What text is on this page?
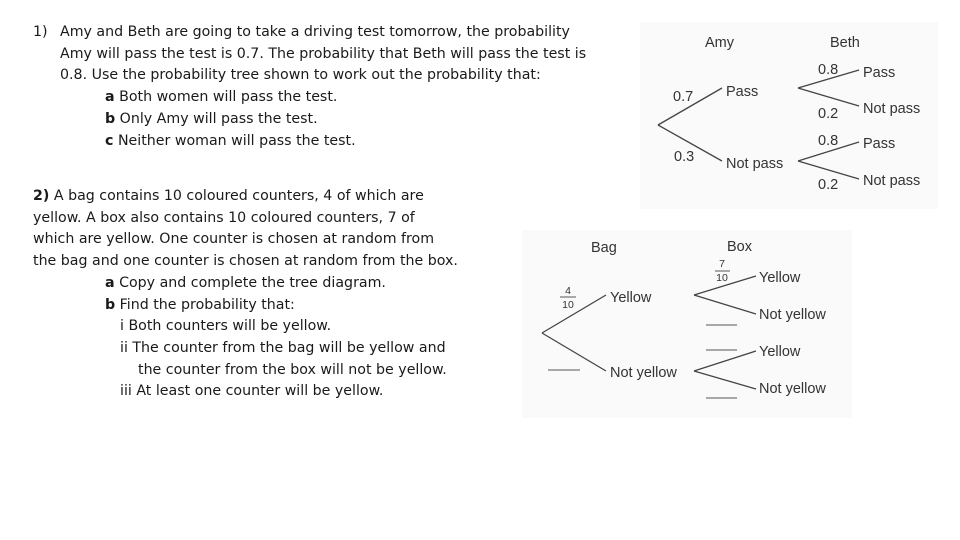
1) Amy and Beth are going to take a driving test tomorrow, the probability

Amy will pass the test is 0.7. The probability that Beth will pass the test is

0.8. Use the probability tree shown to work out the probability that:

a Both women will pass the test.

b Only Amy will pass the test.

c Neither woman will pass the test.

2) A bag contains 10 coloured counters, 4 of which are

yellow. A box also contains 10 coloured counters, 7 of

which are yellow. One counter is chosen at random from

the bag and one counter is chosen at random from the box.

a Copy and complete the tree diagram.

b Find the probability that:

i Both counters will be yellow.

ii The counter from the bag will be yellow and

the counter from the box will not be yellow.

iii At least one counter will be yellow.

Amy	Beth
0.7 Pass
0.3 Not pass
0.8 Pass
0.2 Not pass
0.8 Pass
0.2 Not pass
Bag	Box
Yellow
Not yellow
Yellow
Not yellow
Yellow
Not yellow
4
10
7
10
